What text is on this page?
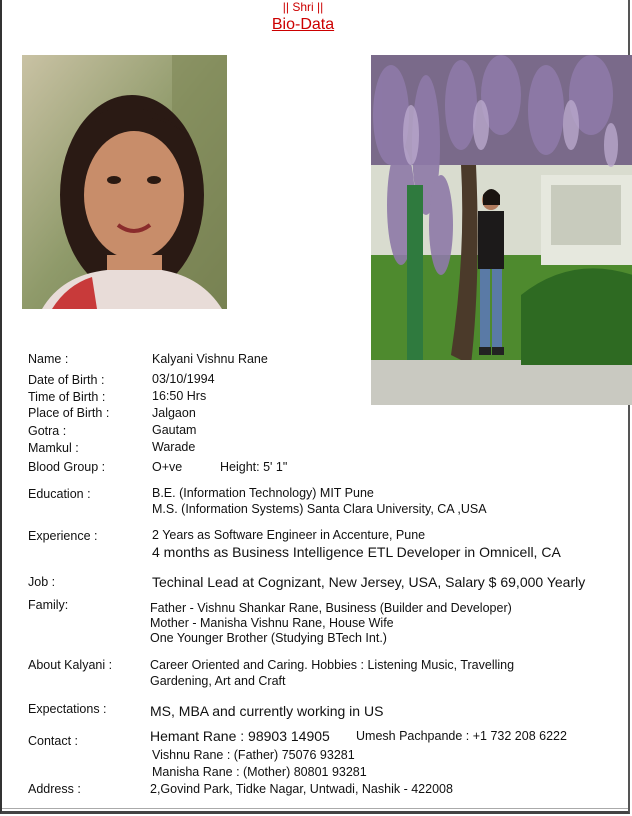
|| Shri ||
Bio-Data
Name :	Kalyani Vishnu Rane
Date of Birth :	03/10/1994
Time of Birth :	16:50 Hrs
Place of Birth :	Jalgaon
Gotra :	Gautam
Mamkul :	Warade
Blood Group :	O+ve	Height: 5' 1"
Education :	B.E. (Information Technology) MIT Pune
M.S. (Information Systems) Santa Clara University, CA ,USA
Experience :	2 Years as Software Engineer in Accenture, Pune
4 months as Business Intelligence ETL Developer in Omnicell, CA
Job :	Techinal Lead at Cognizant, New Jersey, USA, Salary $ 69,000 Yearly
Family:	Father - Vishnu Shankar Rane, Business (Builder and Developer)
Mother - Manisha Vishnu Rane, House Wife
One Younger Brother (Studying BTech Int.)
About Kalyani :	Career Oriented and Caring. Hobbies : Listening Music, Travelling
Gardening, Art and Craft
Expectations :	MS, MBA and currently working in US
Contact :	Hemant Rane : 98903 14905 Umesh Pachpande : +1 732 208 6222
Vishnu Rane : (Father) 75076 93281
Manisha Rane : (Mother) 80801 93281
Address :	2,Govind Park, Tidke Nagar, Untwadi, Nashik - 422008
